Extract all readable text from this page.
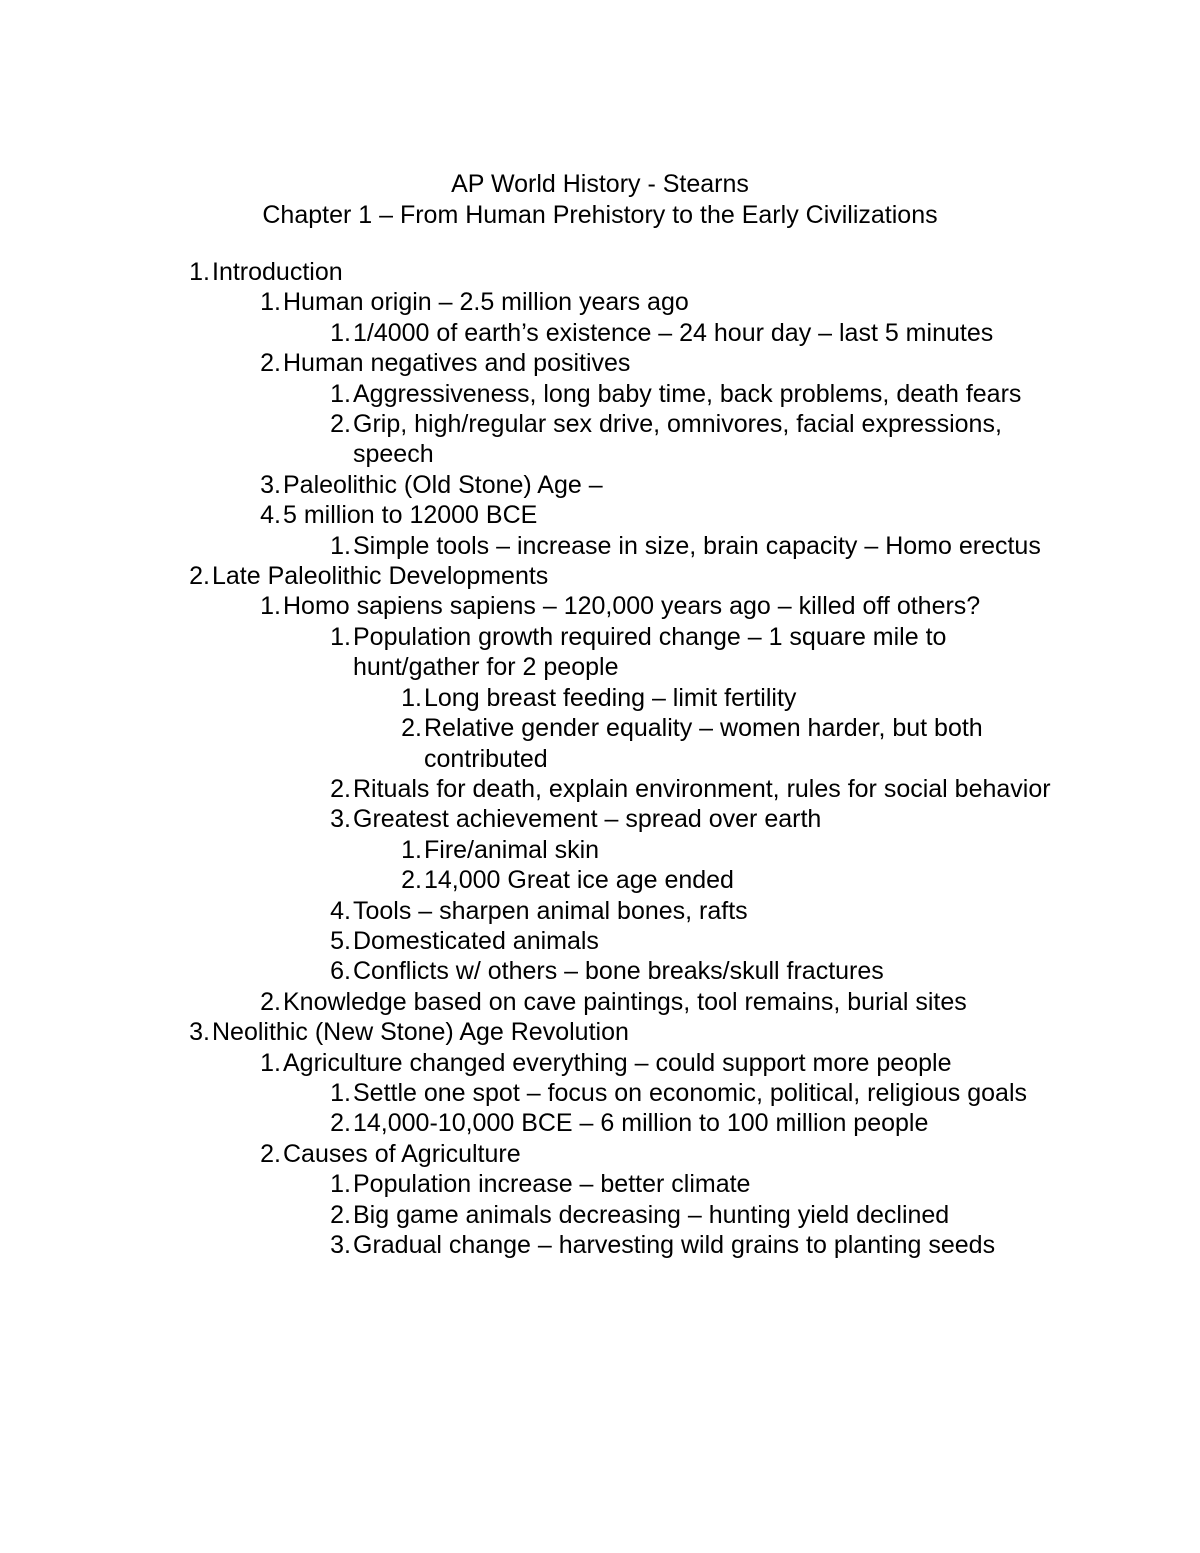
AP World History - Stearns
Chapter 1 – From Human Prehistory to the Early Civilizations
1. Introduction
1. Human origin – 2.5 million years ago
1. 1/4000 of earth’s existence – 24 hour day – last 5 minutes
2. Human negatives and positives
1. Aggressiveness, long baby time, back problems, death fears
2. Grip, high/regular sex drive, omnivores, facial expressions, speech
3. Paleolithic (Old Stone) Age –
4. 5 million to 12000 BCE
1. Simple tools – increase in size, brain capacity – Homo erectus
2. Late Paleolithic Developments
1. Homo sapiens sapiens – 120,000 years ago – killed off others?
1. Population growth required change – 1 square mile to hunt/gather for 2 people
1. Long breast feeding – limit fertility
2. Relative gender equality – women harder, but both contributed
2. Rituals for death, explain environment, rules for social behavior
3. Greatest achievement – spread over earth
1. Fire/animal skin
2. 14,000 Great ice age ended
4. Tools – sharpen animal bones, rafts
5. Domesticated animals
6. Conflicts w/ others – bone breaks/skull fractures
2. Knowledge based on cave paintings, tool remains, burial sites
3. Neolithic (New Stone) Age Revolution
1. Agriculture changed everything – could support more people
1. Settle one spot – focus on economic, political, religious goals
2. 14,000-10,000 BCE – 6 million to 100 million people
2. Causes of Agriculture
1. Population increase – better climate
2. Big game animals decreasing – hunting yield declined
3. Gradual change – harvesting wild grains to planting seeds
